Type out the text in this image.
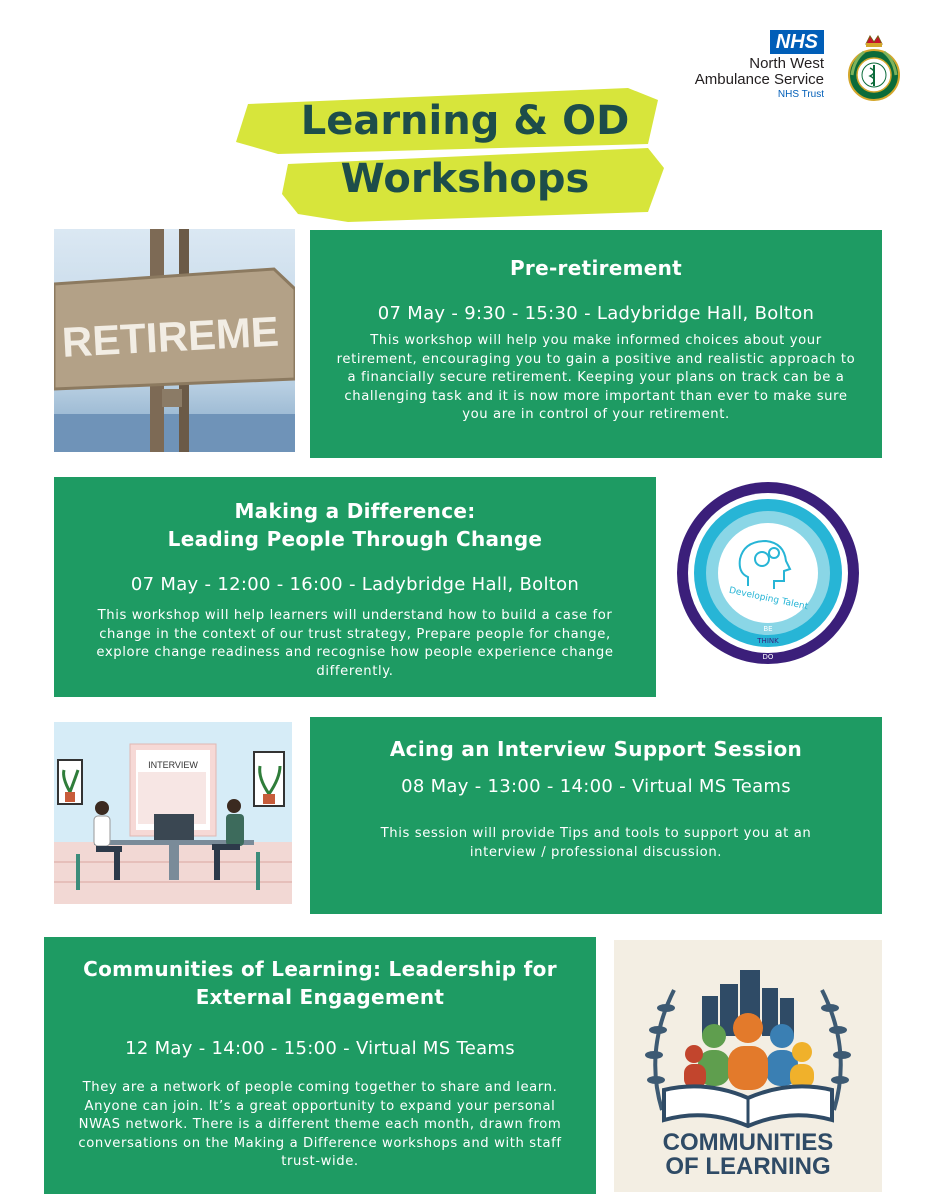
NHS
North West
Ambulance Service
NHS Trust
Learning & OD
Workshops
RETIREME
Pre-retirement
07 May - 9:30 - 15:30 - Ladybridge Hall, Bolton
This workshop will help you make informed choices about your retirement, encouraging you to gain a positive and realistic approach to a financially secure retirement. Keeping your plans on track can be a challenging task and it is now more important than ever to make sure you are in control of your retirement.
Making a Difference:
Leading People Through Change
07 May - 12:00 - 16:00 - Ladybridge Hall, Bolton
This workshop will help learners will understand how to build a case for change in the context of our trust strategy, Prepare people for change, explore change readiness and recognise how people experience change differently.
Developing Talent
BE
THINK
DO
INTERVIEW
Acing an Interview Support Session
08 May - 13:00 - 14:00 - Virtual MS Teams
This session will provide Tips and tools to support you at an interview / professional discussion.
Communities of Learning: Leadership for
External Engagement
12 May - 14:00 - 15:00 - Virtual MS Teams
They are a network of people coming together to share and learn. Anyone can join. It’s a great opportunity to expand your personal NWAS network. There is a different theme each month, drawn from conversations on the Making a Difference workshops and with staff trust-wide.
COMMUNITIES
OF LEARNING
